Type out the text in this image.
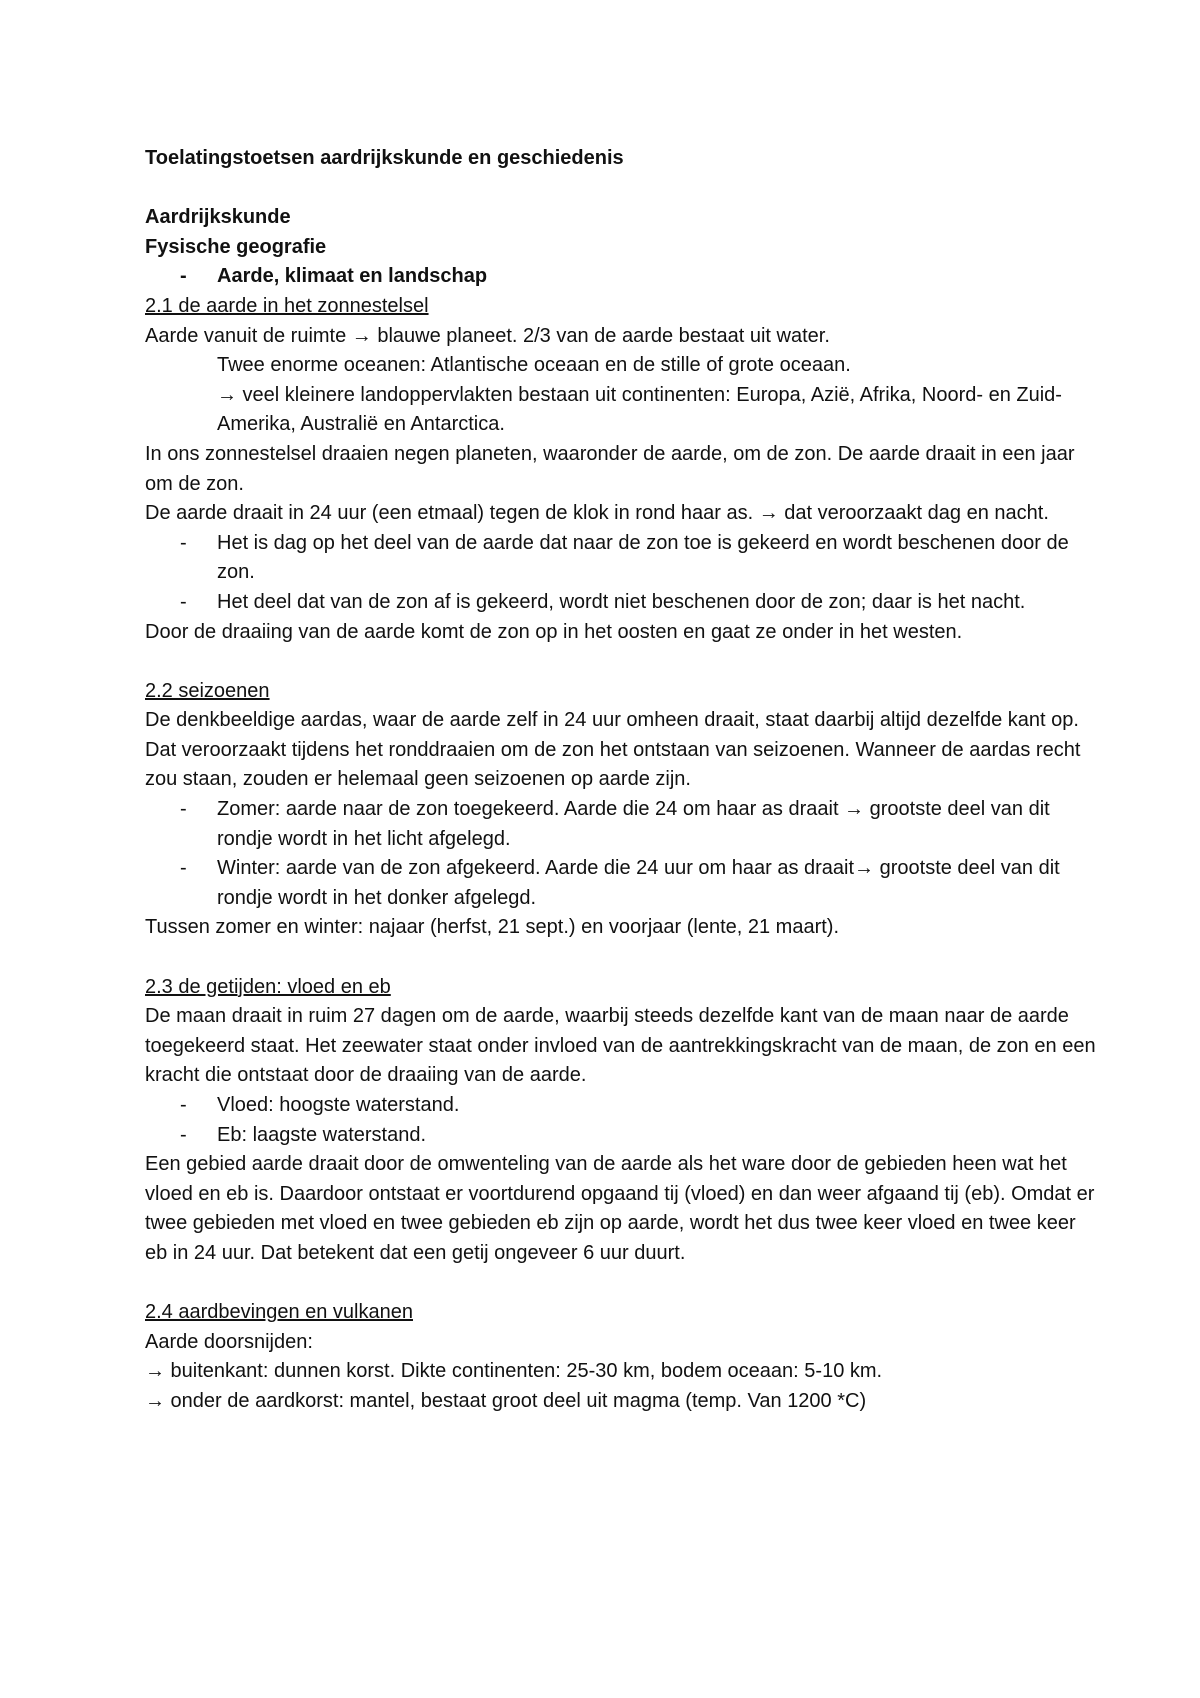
Toelatingstoetsen aardrijkskunde en geschiedenis

Aardrijkskunde

Fysische geografie

- Aarde, klimaat en landschap

2.1 de aarde in het zonnestelsel

Aarde vanuit de ruimte → blauwe planeet. 2/3 van de aarde bestaat uit water.

Twee enorme oceanen: Atlantische oceaan en de stille of grote oceaan.

→ veel kleinere landoppervlakten bestaan uit continenten: Europa, Azië, Afrika, Noord- en Zuid-Amerika, Australië en Antarctica.

In ons zonnestelsel draaien negen planeten, waaronder de aarde, om de zon. De aarde draait in een jaar om de zon.

De aarde draait in 24 uur (een etmaal) tegen de klok in rond haar as. → dat veroorzaakt dag en nacht.

- Het is dag op het deel van de aarde dat naar de zon toe is gekeerd en wordt beschenen door de zon.
- Het deel dat van de zon af is gekeerd, wordt niet beschenen door de zon; daar is het nacht.

Door de draaiing van de aarde komt de zon op in het oosten en gaat ze onder in het westen.

2.2 seizoenen

De denkbeeldige aardas, waar de aarde zelf in 24 uur omheen draait, staat daarbij altijd dezelfde kant op. Dat veroorzaakt tijdens het ronddraaien om de zon het ontstaan van seizoenen. Wanneer de aardas recht zou staan, zouden er helemaal geen seizoenen op aarde zijn.

- Zomer: aarde naar de zon toegekeerd. Aarde die 24 om haar as draait → grootste deel van dit rondje wordt in het licht afgelegd.
- Winter: aarde van de zon afgekeerd. Aarde die 24 uur om haar as draait→ grootste deel van dit rondje wordt in het donker afgelegd.

Tussen zomer en winter: najaar (herfst, 21 sept.) en voorjaar (lente, 21 maart).

2.3 de getijden: vloed en eb

De maan draait in ruim 27 dagen om de aarde, waarbij steeds dezelfde kant van de maan naar de aarde toegekeerd staat. Het zeewater staat onder invloed van de aantrekkingskracht van de maan, de zon en een kracht die ontstaat door de draaiing van de aarde.

- Vloed: hoogste waterstand.
- Eb: laagste waterstand.

Een gebied aarde draait door de omwenteling van de aarde als het ware door de gebieden heen wat het vloed en eb is. Daardoor ontstaat er voortdurend opgaand tij (vloed) en dan weer afgaand tij (eb). Omdat er twee gebieden met vloed en twee gebieden eb zijn op aarde, wordt het dus twee keer vloed en twee keer eb in 24 uur. Dat betekent dat een getij ongeveer 6 uur duurt.

2.4 aardbevingen en vulkanen

Aarde doorsnijden:

→ buitenkant: dunnen korst. Dikte continenten: 25-30 km, bodem oceaan: 5-10 km.

→ onder de aardkorst: mantel, bestaat groot deel uit magma (temp. Van 1200 *C)
